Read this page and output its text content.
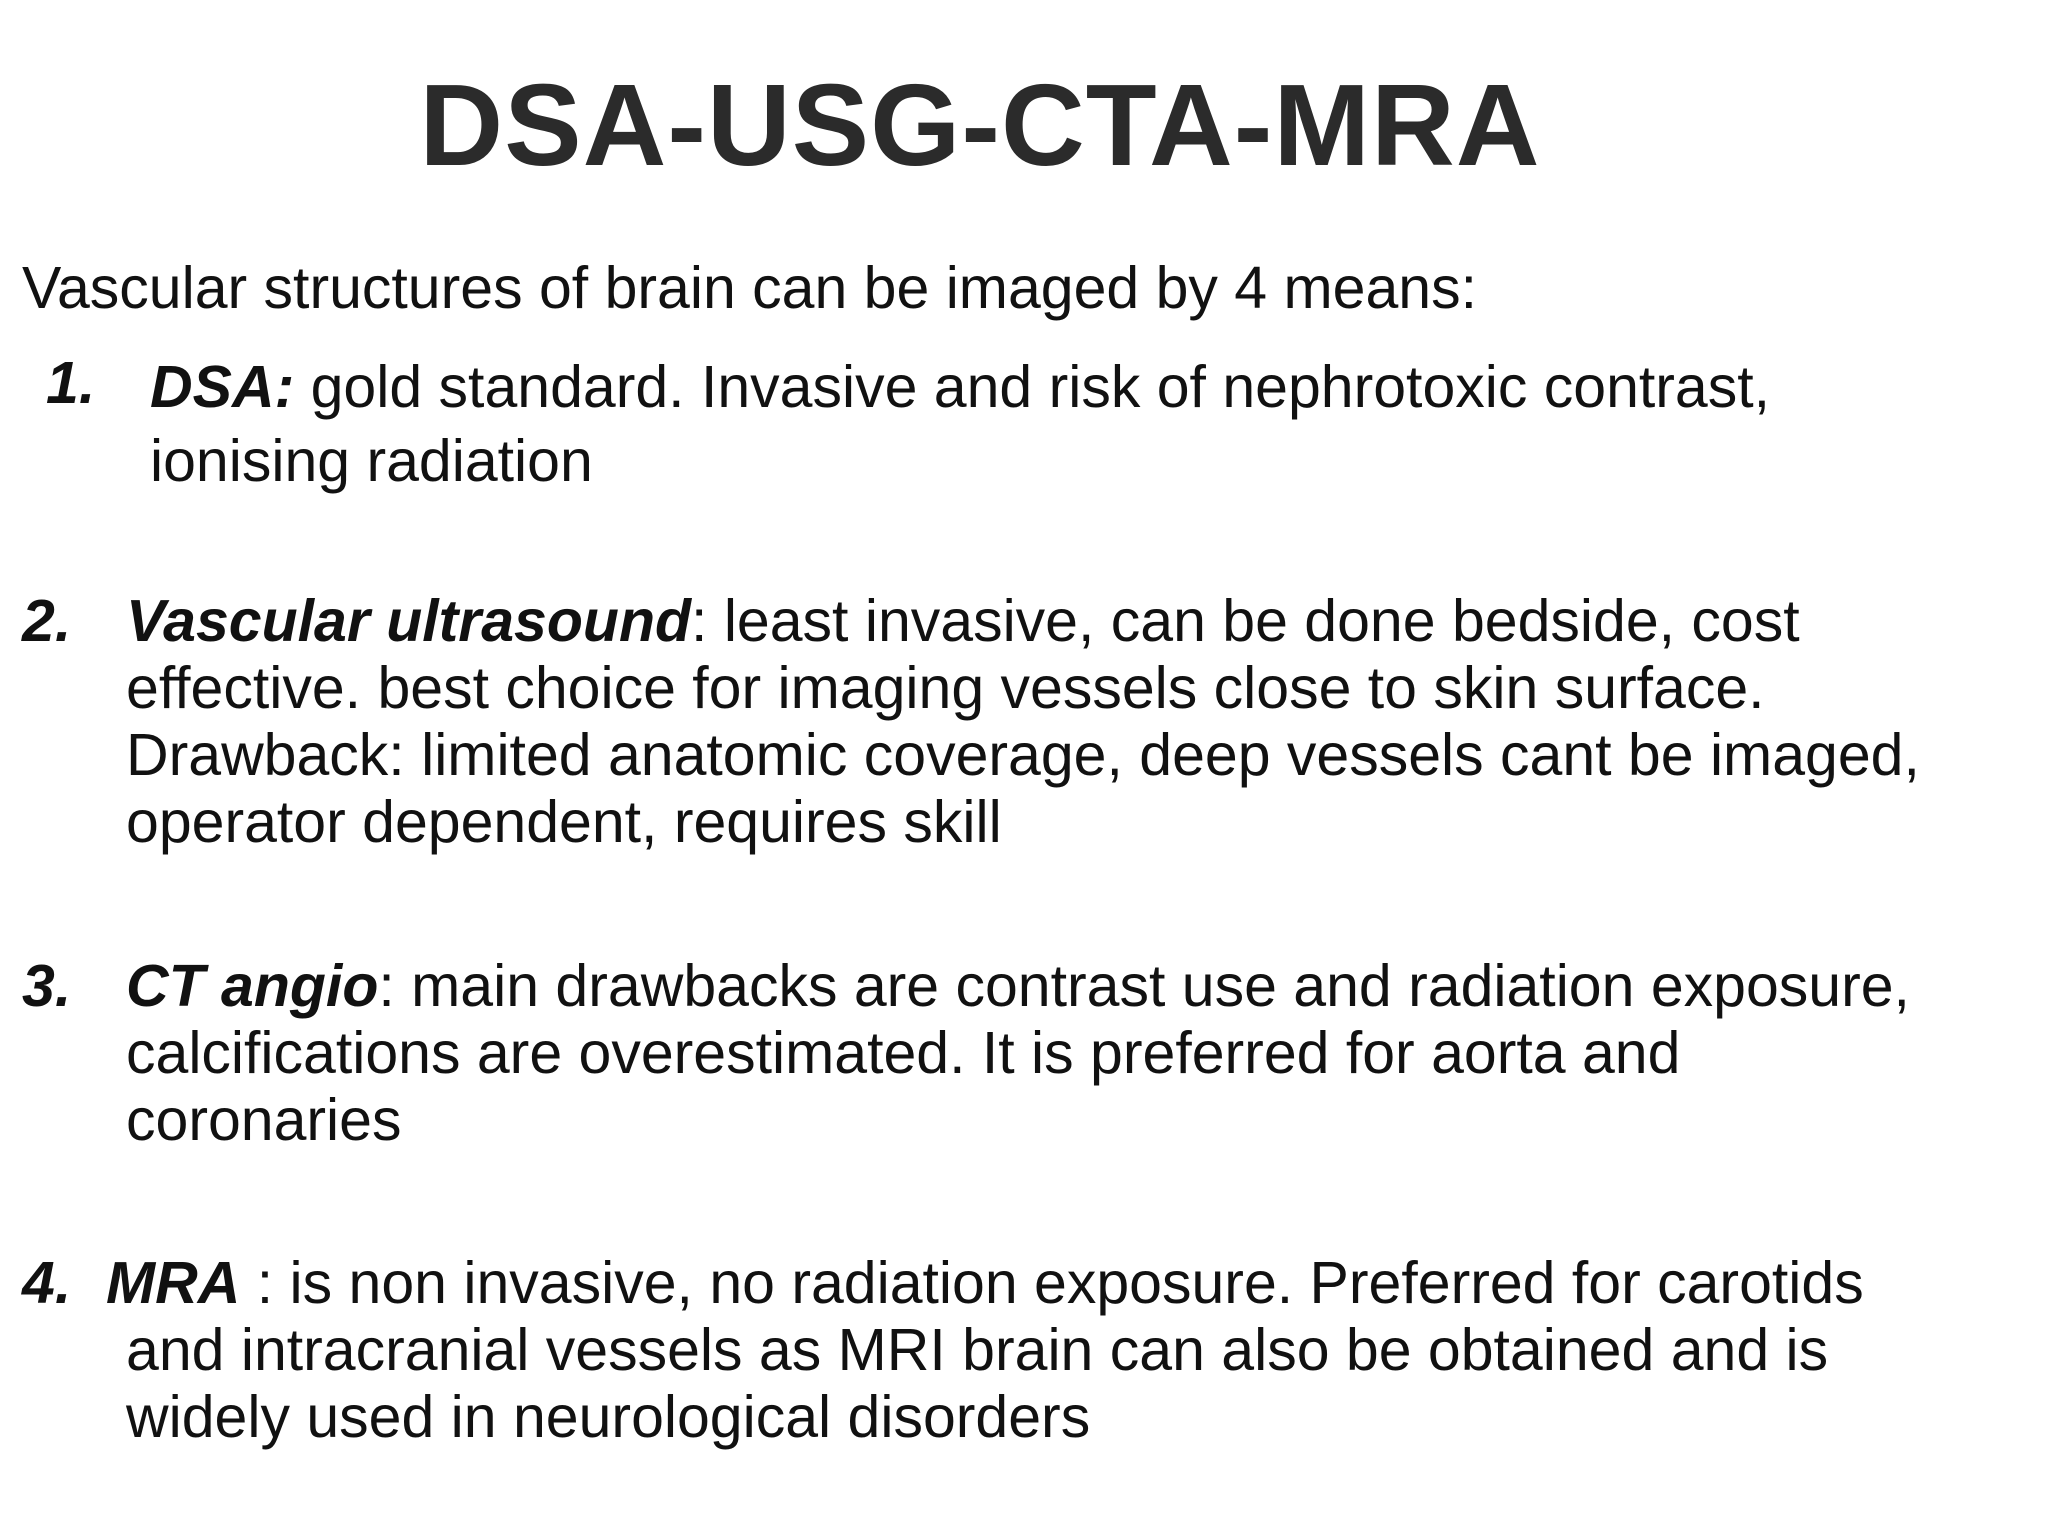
DSA-USG-CTA-MRA

Vascular structures of brain can be imaged by 4 means:

1. DSA: gold standard. Invasive and risk of nephrotoxic contrast,
ionising radiation
2. Vascular ultrasound: least invasive, can be done bedside, cost
effective. best choice for imaging vessels close to skin surface.
Drawback: limited anatomic coverage, deep vessels cant be imaged,
operator dependent, requires skill
3. CT angio: main drawbacks are contrast use and radiation exposure,
calcifications are overestimated. It is preferred for aorta and
coronaries
4. MRA : is non invasive, no radiation exposure. Preferred for carotids
and intracranial vessels as MRI brain can also be obtained and is
widely used in neurological disorders
